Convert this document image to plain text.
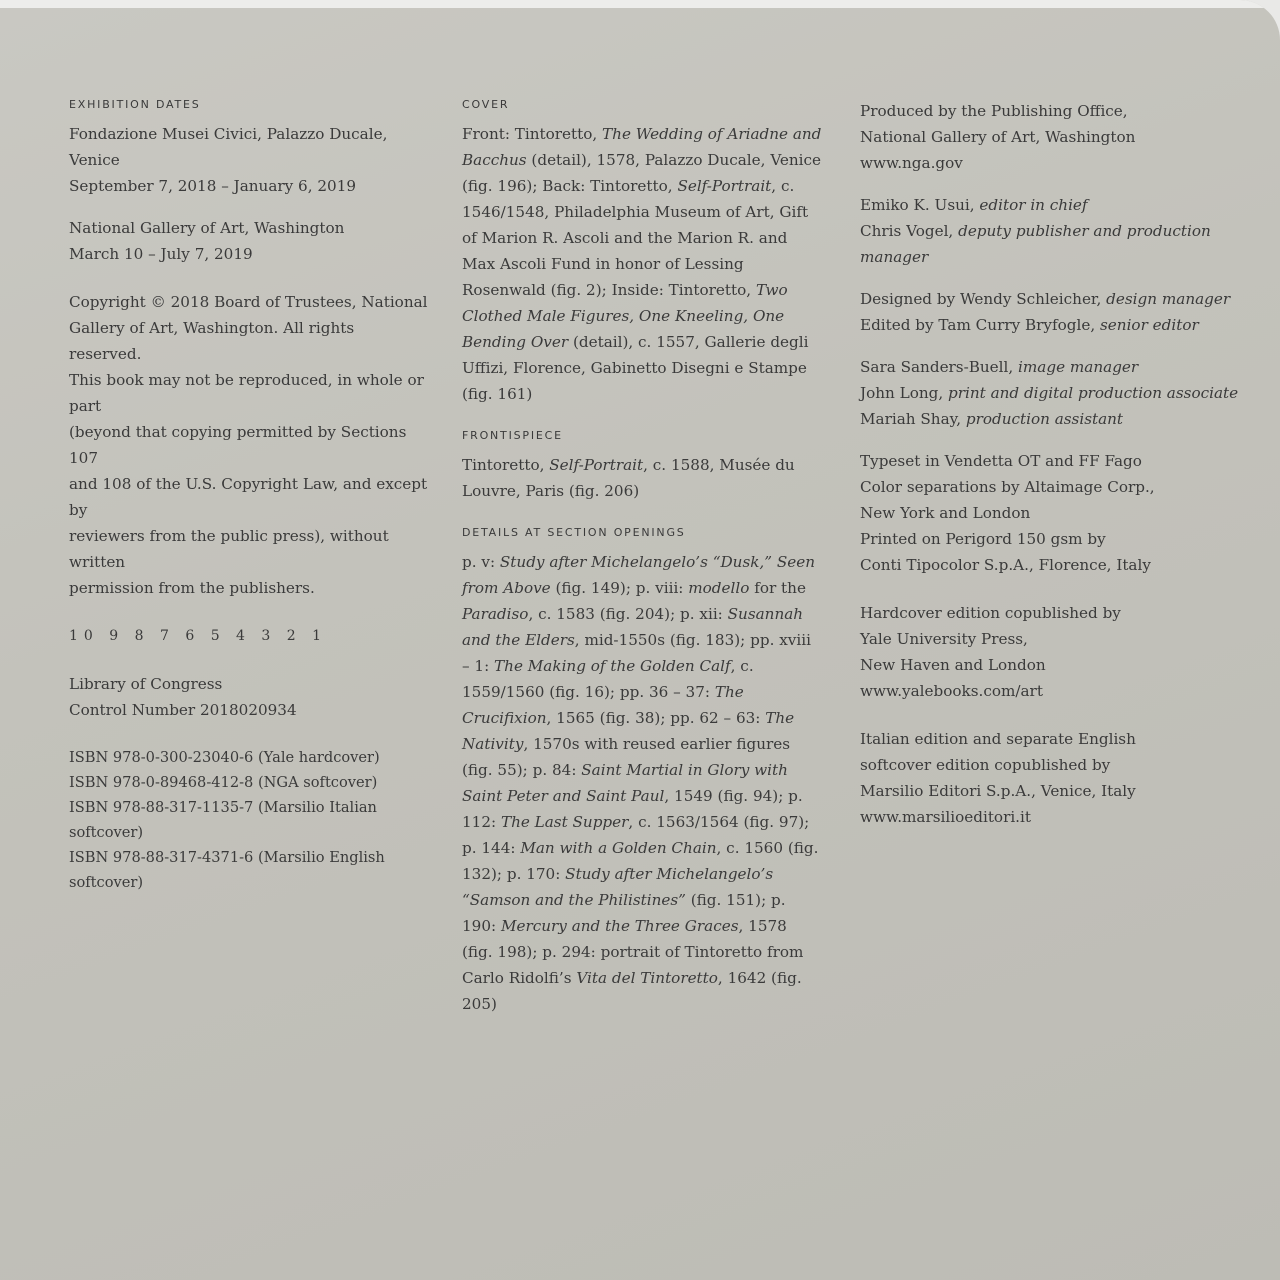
EXHIBITION DATES

Fondazione Musei Civici, Palazzo Ducale, Venice

September 7, 2018 – January 6, 2019

National Gallery of Art, Washington

March 10 – July 7, 2019

Copyright © 2018 Board of Trustees, National

Gallery of Art, Washington. All rights reserved.

This book may not be reproduced, in whole or part

(beyond that copying permitted by Sections 107

and 108 of the U.S. Copyright Law, and except by

reviewers from the public press), without written

permission from the publishers.

10 9 8 7 6 5 4 3 2 1

Library of Congress

Control Number 2018020934

ISBN 978-0-300-23040-6 (Yale hardcover)

ISBN 978-0-89468-412-8 (NGA softcover)

ISBN 978-88-317-1135-7 (Marsilio Italian softcover)

ISBN 978-88-317-4371-6 (Marsilio English softcover)

COVER

Front: Tintoretto, The Wedding of Ariadne and Bacchus (detail), 1578, Palazzo Ducale, Venice (fig. 196); Back: Tintoretto, Self-Portrait, c. 1546/1548, Philadelphia Museum of Art, Gift of Marion R. Ascoli and the Marion R. and Max Ascoli Fund in honor of Lessing Rosenwald (fig. 2); Inside: Tintoretto, Two Clothed Male Figures, One Kneeling, One Bending Over (detail), c. 1557, Gallerie degli Uffizi, Florence, Gabinetto Disegni e Stampe (fig. 161)

FRONTISPIECE

Tintoretto, Self-Portrait, c. 1588, Musée du Louvre, Paris (fig. 206)

DETAILS AT SECTION OPENINGS

p. v: Study after Michelangelo’s “Dusk,” Seen from Above (fig. 149); p. viii: modello for the Paradiso, c. 1583 (fig. 204); p. xii: Susannah and the Elders, mid-1550s (fig. 183); pp. xviii – 1: The Making of the Golden Calf, c. 1559/1560 (fig. 16); pp. 36 – 37: The Crucifixion, 1565 (fig. 38); pp. 62 – 63: The Nativity, 1570s with reused earlier figures (fig. 55); p. 84: Saint Martial in Glory with Saint Peter and Saint Paul, 1549 (fig. 94); p. 112: The Last Supper, c. 1563/1564 (fig. 97); p. 144: Man with a Golden Chain, c. 1560 (fig. 132); p. 170: Study after Michelangelo’s “Samson and the Philistines” (fig. 151); p. 190: Mercury and the Three Graces, 1578 (fig. 198); p. 294: portrait of Tintoretto from Carlo Ridolfi’s Vita del Tintoretto, 1642 (fig. 205)

Produced by the Publishing Office,

National Gallery of Art, Washington

www.nga.gov

Emiko K. Usui, editor in chief

Chris Vogel, deputy publisher and production manager

Designed by Wendy Schleicher, design manager

Edited by Tam Curry Bryfogle, senior editor

Sara Sanders-Buell, image manager

John Long, print and digital production associate

Mariah Shay, production assistant

Typeset in Vendetta OT and FF Fago

Color separations by Altaimage Corp.,

New York and London

Printed on Perigord 150 gsm by

Conti Tipocolor S.p.A., Florence, Italy

Hardcover edition copublished by

Yale University Press,

New Haven and London

www.yalebooks.com/art

Italian edition and separate English

softcover edition copublished by

Marsilio Editori S.p.A., Venice, Italy

www.marsilioeditori.it
